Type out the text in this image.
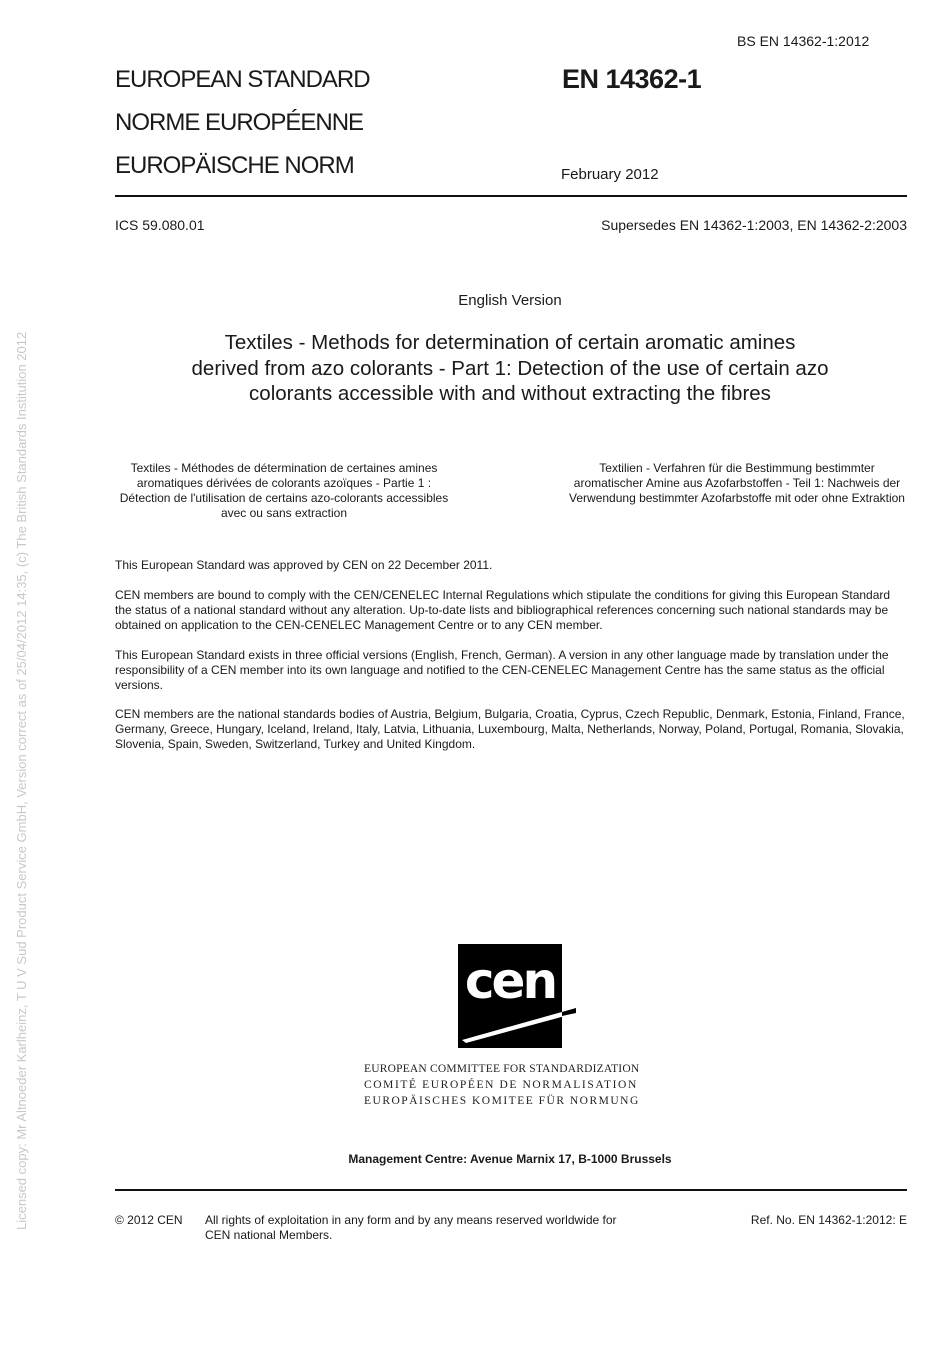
Licensed copy: Mr Altnoeder Karlheinz, T U V Sud Product Service GmbH, Version correct as of 25/04/2012 14:35, (c) The British Standards Institution 2012
BS EN 14362-1:2012
EUROPEAN STANDARD
NORME EUROPÉENNE
EUROPÄISCHE NORM
EN 14362-1
February 2012
ICS 59.080.01	Supersedes EN 14362-1:2003, EN 14362-2:2003
English Version
Textiles - Methods for determination of certain aromatic amines derived from azo colorants - Part 1: Detection of the use of certain azo colorants accessible with and without extracting the fibres
Textiles - Méthodes de détermination de certaines amines aromatiques dérivées de colorants azoïques - Partie 1 : Détection de l'utilisation de certains azo-colorants accessibles avec ou sans extraction
Textilien - Verfahren für die Bestimmung bestimmter aromatischer Amine aus Azofarbstoffen - Teil 1: Nachweis der Verwendung bestimmter Azofarbstoffe mit oder ohne Extraktion
This European Standard was approved by CEN on 22 December 2011.
CEN members are bound to comply with the CEN/CENELEC Internal Regulations which stipulate the conditions for giving this European Standard the status of a national standard without any alteration. Up-to-date lists and bibliographical references concerning such national standards may be obtained on application to the CEN-CENELEC Management Centre or to any CEN member.
This European Standard exists in three official versions (English, French, German). A version in any other language made by translation under the responsibility of a CEN member into its own language and notified to the CEN-CENELEC Management Centre has the same status as the official versions.
CEN members are the national standards bodies of Austria, Belgium, Bulgaria, Croatia, Cyprus, Czech Republic, Denmark, Estonia, Finland, France, Germany, Greece, Hungary, Iceland, Ireland, Italy, Latvia, Lithuania, Luxembourg, Malta, Netherlands, Norway, Poland, Portugal, Romania, Slovakia, Slovenia, Spain, Sweden, Switzerland, Turkey and United Kingdom.
cen
EUROPEAN COMMITTEE FOR STANDARDIZATION
COMITÉ EUROPÉEN DE NORMALISATION
EUROPÄISCHES KOMITEE FÜR NORMUNG
Management Centre: Avenue Marnix 17, B-1000 Brussels
© 2012 CEN All rights of exploitation in any form and by any means reserved worldwide for CEN national Members.
Ref. No. EN 14362-1:2012: E
